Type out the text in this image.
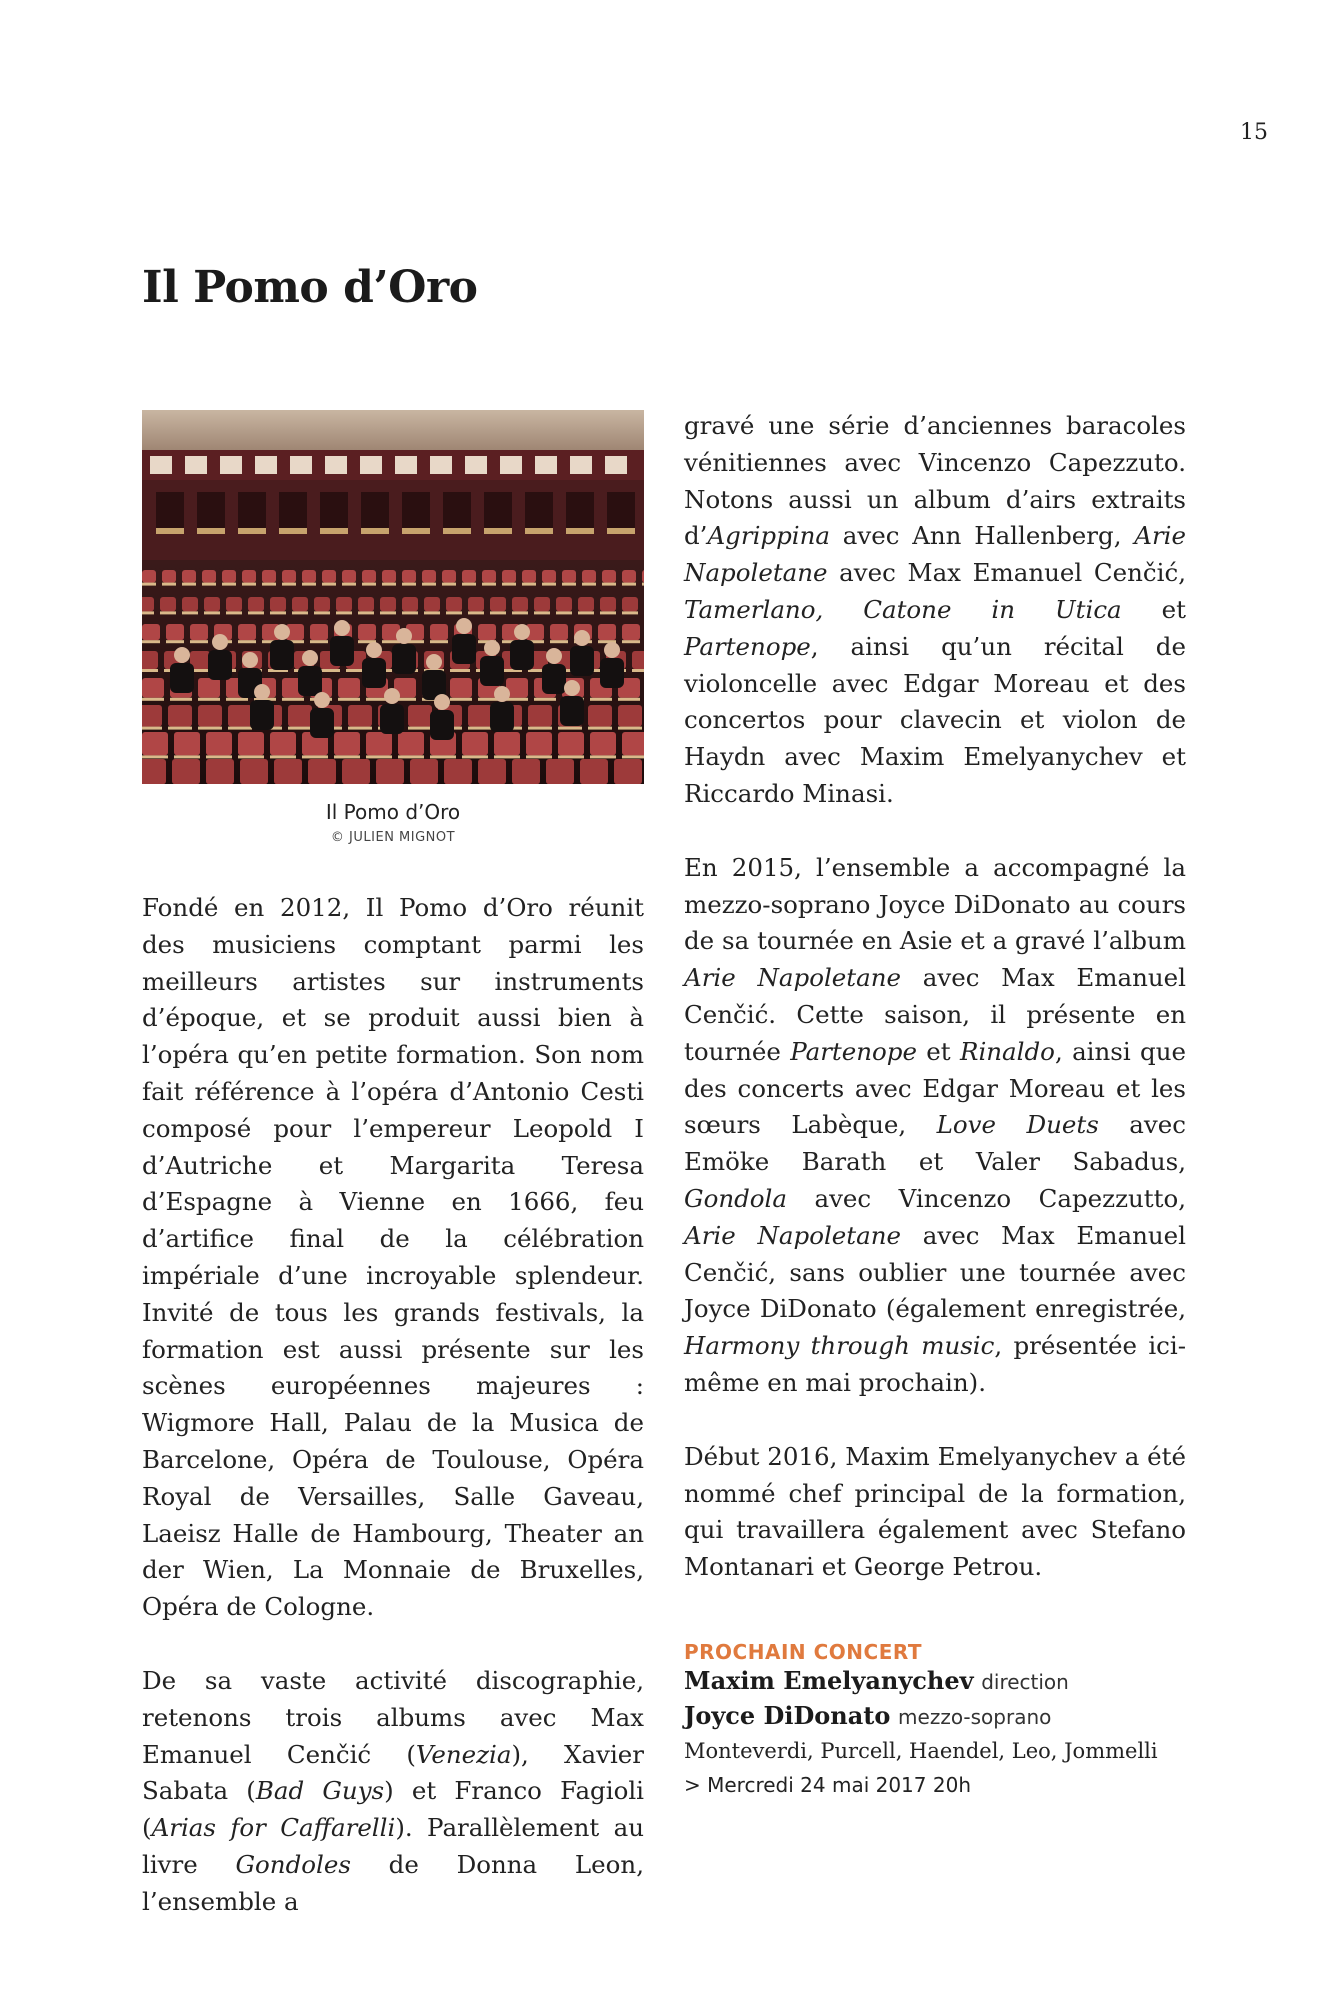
15
Il Pomo d’Oro
Il Pomo d’Oro
© JULIEN MIGNOT

Fondé en 2012, Il Pomo d’Oro réunit des musiciens comptant parmi les meilleurs artistes sur instruments d’époque, et se produit aussi bien à l’opéra qu’en petite formation. Son nom fait référence à l’opéra d’Antonio Cesti composé pour l’empereur Leopold I d’Autriche et Margarita Teresa d’Espagne à Vienne en 1666, feu d’artifice final de la célébration impériale d’une incroyable splendeur. Invité de tous les grands festivals, la formation est aussi présente sur les scènes européennes majeures : Wigmore Hall, Palau de la Musica de Barcelone, Opéra de Toulouse, Opéra Royal de Versailles, Salle Gaveau, Laeisz Halle de Hambourg, Theater an der Wien, La Monnaie de Bruxelles, Opéra de Cologne.

De sa vaste activité discographie, retenons trois albums avec Max Emanuel Cenčić (Venezia), Xavier Sabata (Bad Guys) et Franco Fagioli (Arias for Caffarelli). Parallèlement au livre Gondoles de Donna Leon, l’ensemble a

gravé une série d’anciennes baracoles vénitiennes avec Vincenzo Capezzuto. Notons aussi un album d’airs extraits d’Agrippina avec Ann Hallenberg, Arie Napoletane avec Max Emanuel Cenčić, Tamerlano, Catone in Utica et Partenope, ainsi qu’un récital de violoncelle avec Edgar Moreau et des concertos pour clavecin et violon de Haydn avec Maxim Emelyanychev et Riccardo Minasi.

En 2015, l’ensemble a accompagné la mezzo-soprano Joyce DiDonato au cours de sa tournée en Asie et a gravé l’album Arie Napoletane avec Max Emanuel Cenčić. Cette saison, il présente en tournée Partenope et Rinaldo, ainsi que des concerts avec Edgar Moreau et les sœurs Labèque, Love Duets avec Emöke Barath et Valer Sabadus, Gondola avec Vincenzo Capezzutto, Arie Napoletane avec Max Emanuel Cenčić, sans oublier une tournée avec Joyce DiDonato (également enregistrée, Harmony through music, présentée ici-même en mai prochain).

Début 2016, Maxim Emelyanychev a été nommé chef principal de la formation, qui travaillera également avec Stefano Montanari et George Petrou.

PROCHAIN CONCERT
Maxim Emelyanychev direction
Joyce DiDonato mezzo-soprano
Monteverdi, Purcell, Haendel, Leo, Jommelli
> Mercredi 24 mai 2017 20h
